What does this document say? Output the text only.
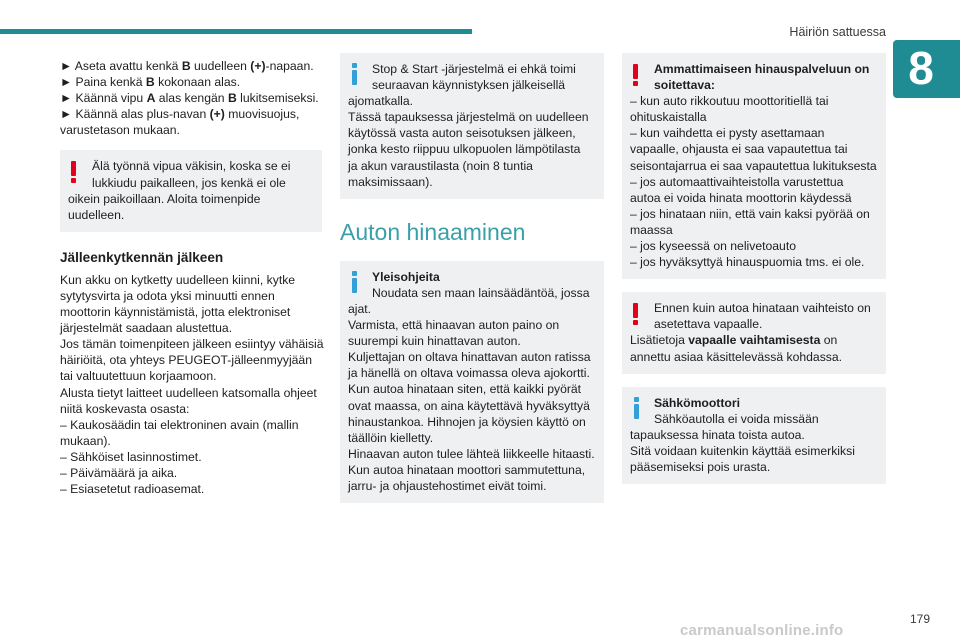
Häiriön sattuessa
8
► Aseta avattu kenkä B uudelleen (+)-napaan.
► Paina kenkä B kokonaan alas.
► Käännä vipu A alas kengän B lukitsemiseksi.
► Käännä alas plus-navan (+) muovisuojus,
varustetason mukaan.
Älä työnnä vipua väkisin, koska se ei
lukkiudu paikalleen, jos kenkä ei ole
oikein paikoillaan. Aloita toimenpide
uudelleen.
Jälleenkytkennän jälkeen
Kun akku on kytketty uudelleen kiinni, kytke
sytytysvirta ja odota yksi minuutti ennen
moottorin käynnistämistä, jotta elektroniset
järjestelmät saadaan alustettua.
Jos tämän toimenpiteen jälkeen esiintyy vähäisiä
häiriöitä, ota yhteys PEUGEOT-jälleenmyyjään
tai valtuutettuun korjaamoon.
Alusta tietyt laitteet uudelleen katsomalla ohjeet
niitä koskevasta osasta:
– Kaukosäädin tai elektroninen avain (mallin
mukaan).
– Sähköiset lasinnostimet.
– Päivämäärä ja aika.
– Esiasetetut radioasemat.
Stop & Start -järjestelmä ei ehkä toimi
seuraavan käynnistyksen jälkeisellä
ajomatkalla.
Tässä tapauksessa järjestelmä on uudelleen
käytössä vasta auton seisotuksen jälkeen,
jonka kesto riippuu ulkopuolen lämpötilasta
ja akun varaustilasta (noin 8 tuntia
maksimissaan).
Auton hinaaminen
Yleisohjeita
Noudata sen maan lainsäädäntöä, jossa
ajat.
Varmista, että hinaavan auton paino on
suurempi kuin hinattavan auton.
Kuljettajan on oltava hinattavan auton ratissa
ja hänellä on oltava voimassa oleva ajokortti.
Kun autoa hinataan siten, että kaikki pyörät
ovat maassa, on aina käytettävä hyväksyttyä
hinaustankoa. Hihnojen ja köysien käyttö on
täällöin kielletty.
Hinaavan auton tulee lähteä liikkeelle hitaasti.
Kun autoa hinataan moottori sammutettuna,
jarru- ja ohjaustehostimet eivät toimi.
Ammattimaiseen hinauspalveluun on
soitettava:
– kun auto rikkoutuu moottoritiellä tai
ohituskaistalla
– kun vaihdetta ei pysty asettamaan
vapaalle, ohjausta ei saa vapautettua tai
seisontajarrua ei saa vapautettua lukituksesta
– jos automaattivaihteistolla varustettua
autoa ei voida hinata moottorin käydessä
– jos hinataan niin, että vain kaksi pyörää on
maassa
– jos kyseessä on nelivetoauto
– jos hyväksyttyä hinauspuomia tms. ei ole.
Ennen kuin autoa hinataan vaihteisto on
asetettava vapaalle.
Lisätietoja vapaalle vaihtamisesta on
annettu asiaa käsittelevässä kohdassa.
Sähkömoottori
Sähköautolla ei voida missään
tapauksessa hinata toista autoa.
Sitä voidaan kuitenkin käyttää esimerkiksi
pääsemiseksi pois urasta.
179
carmanualsonline.info
